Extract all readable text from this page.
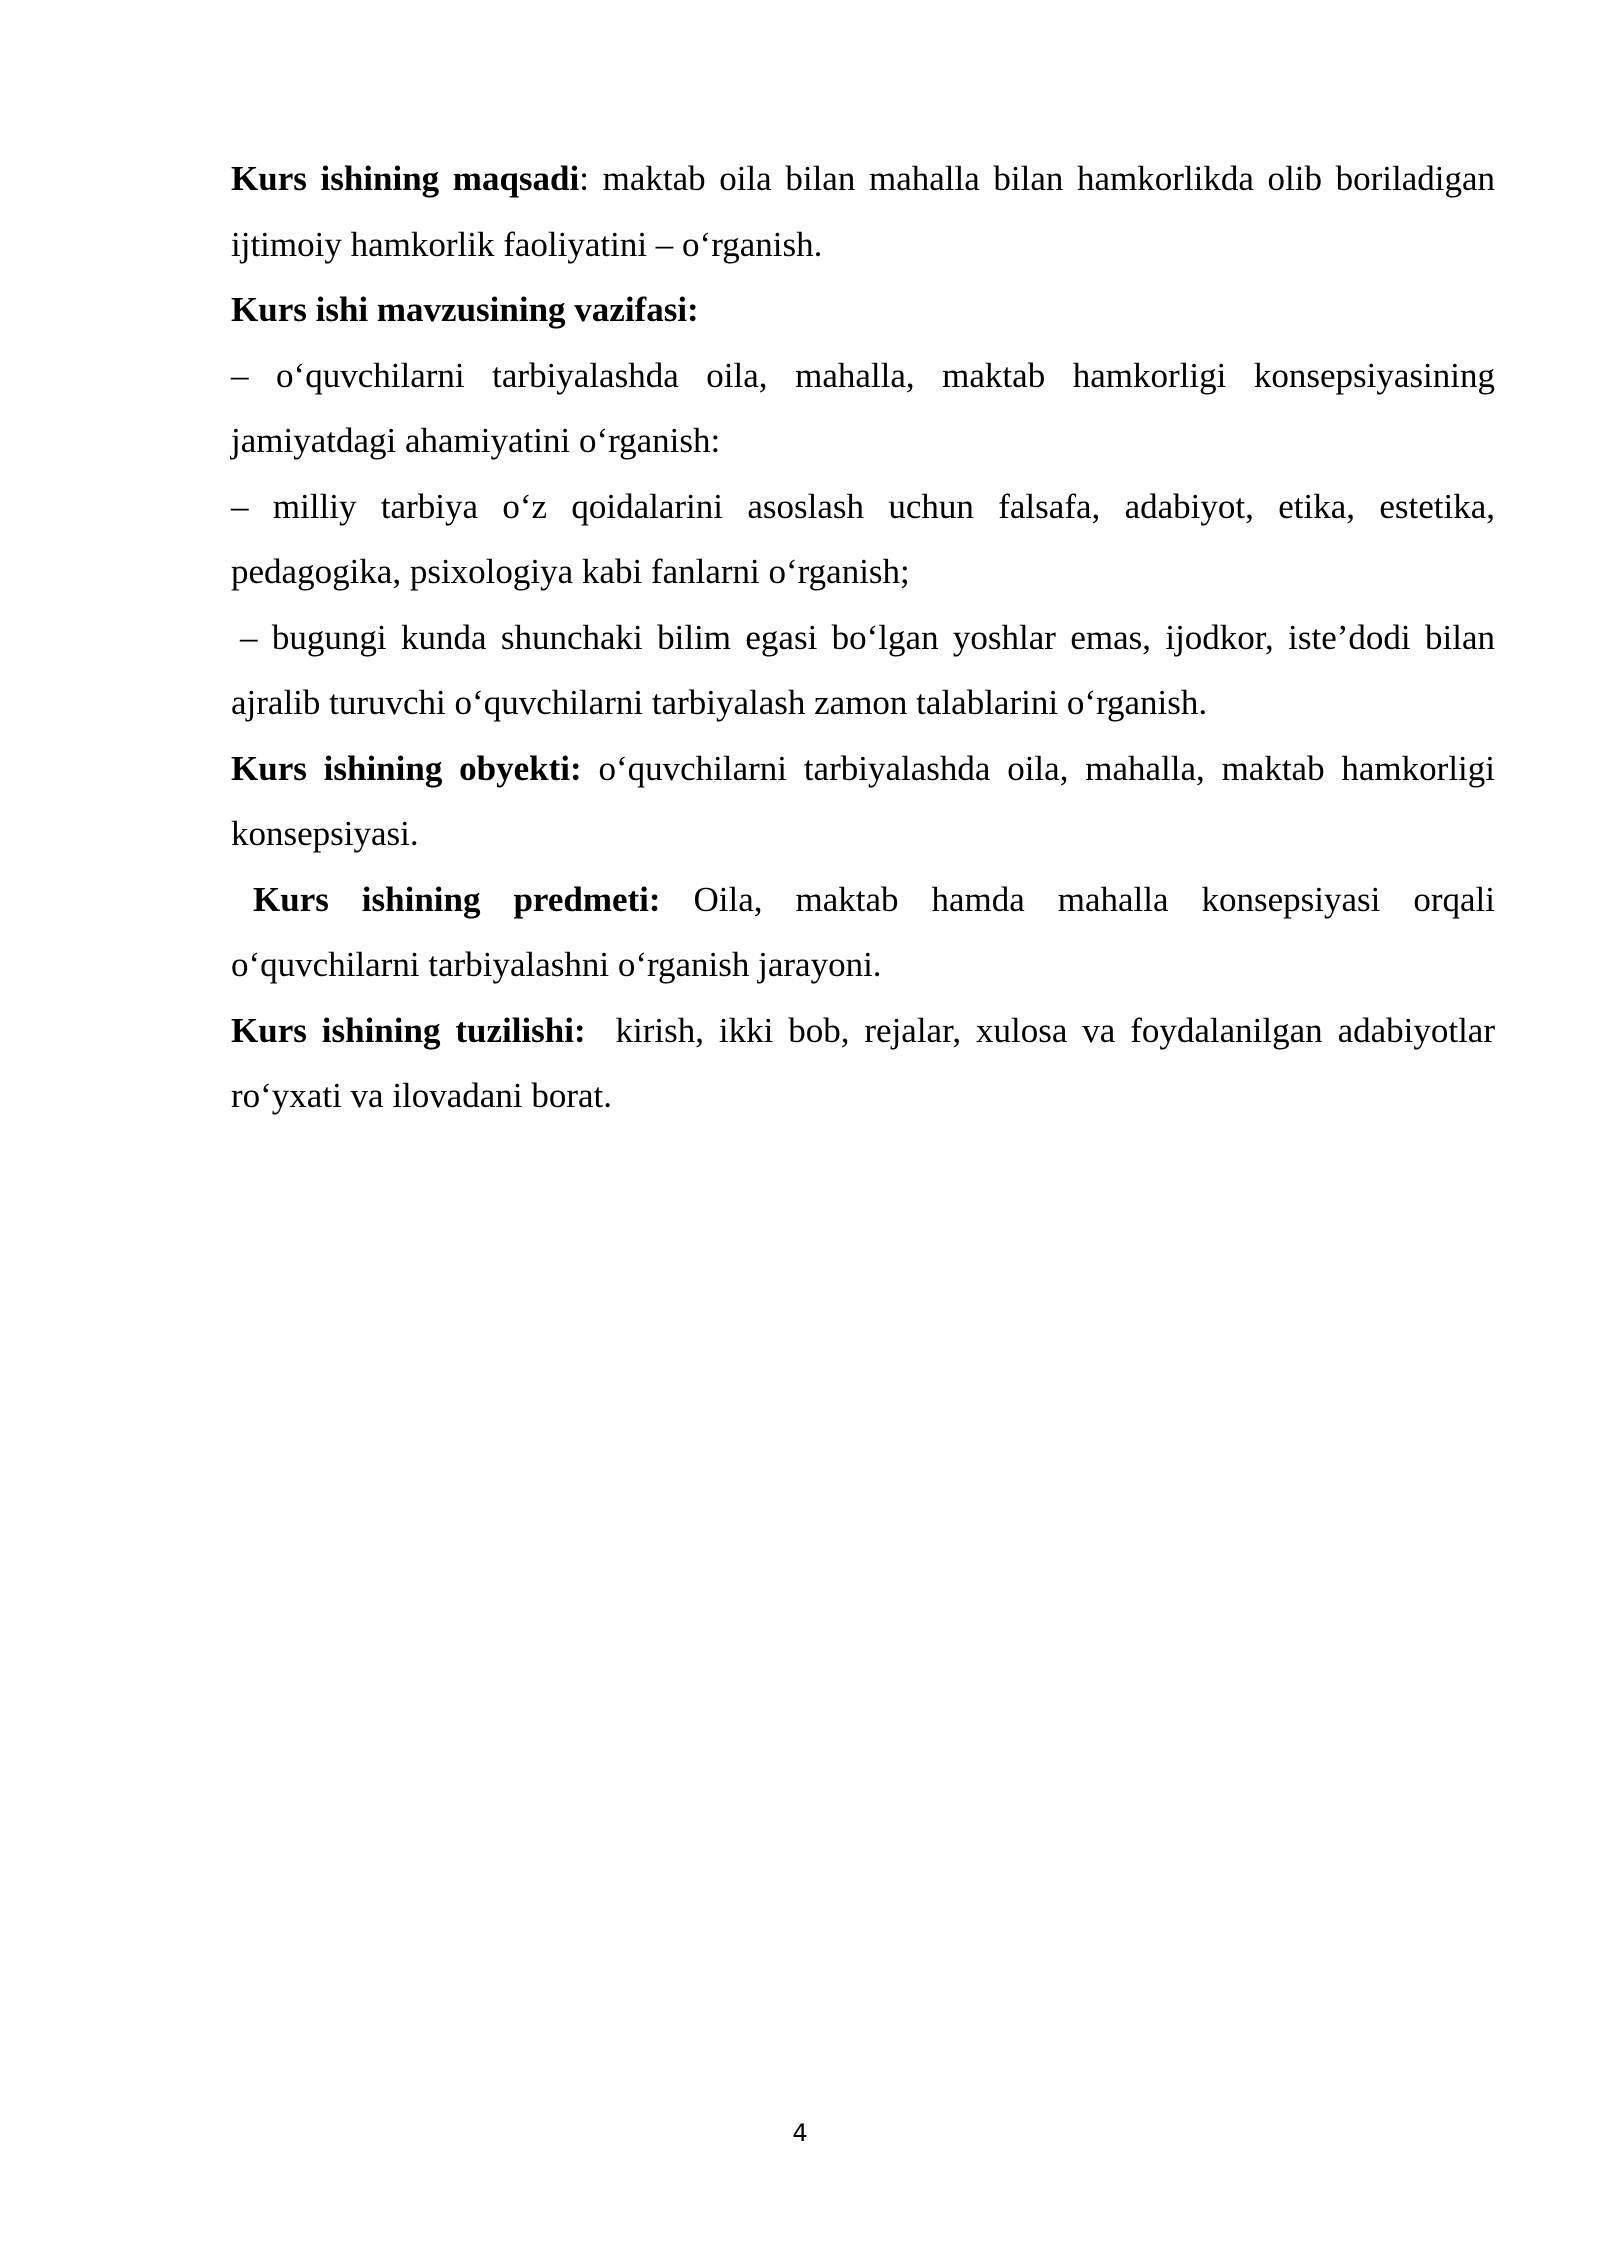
Kurs ishining maqsadi: maktab oila bilan mahalla bilan hamkorlikda olib boriladigan ijtimoiy hamkorlik faoliyatini – o‘rganish.

Kurs ishi mavzusining vazifasi:

– o‘quvchilarni tarbiyalashda oila, mahalla, maktab hamkorligi konsepsiyasining jamiyatdagi ahamiyatini o‘rganish:

– milliy tarbiya o‘z qoidalarini asoslash uchun falsafa, adabiyot, etika, estetika, pedagogika, psixologiya kabi fanlarni o‘rganish;

– bugungi kunda shunchaki bilim egasi bo‘lgan yoshlar emas, ijodkor, iste’dodi bilan ajralib turuvchi o‘quvchilarni tarbiyalash zamon talablarini o‘rganish.

Kurs ishining obyekti: o‘quvchilarni tarbiyalashda oila, mahalla, maktab hamkorligi konsepsiyasi.

Kurs ishining predmeti: Oila, maktab hamda mahalla konsepsiyasi orqali o‘quvchilarni tarbiyalashni o‘rganish jarayoni.

Kurs ishining tuzilishi:  kirish, ikki bob, rejalar, xulosa va foydalanilgan adabiyotlar ro‘yxati va ilovadani borat.

4
